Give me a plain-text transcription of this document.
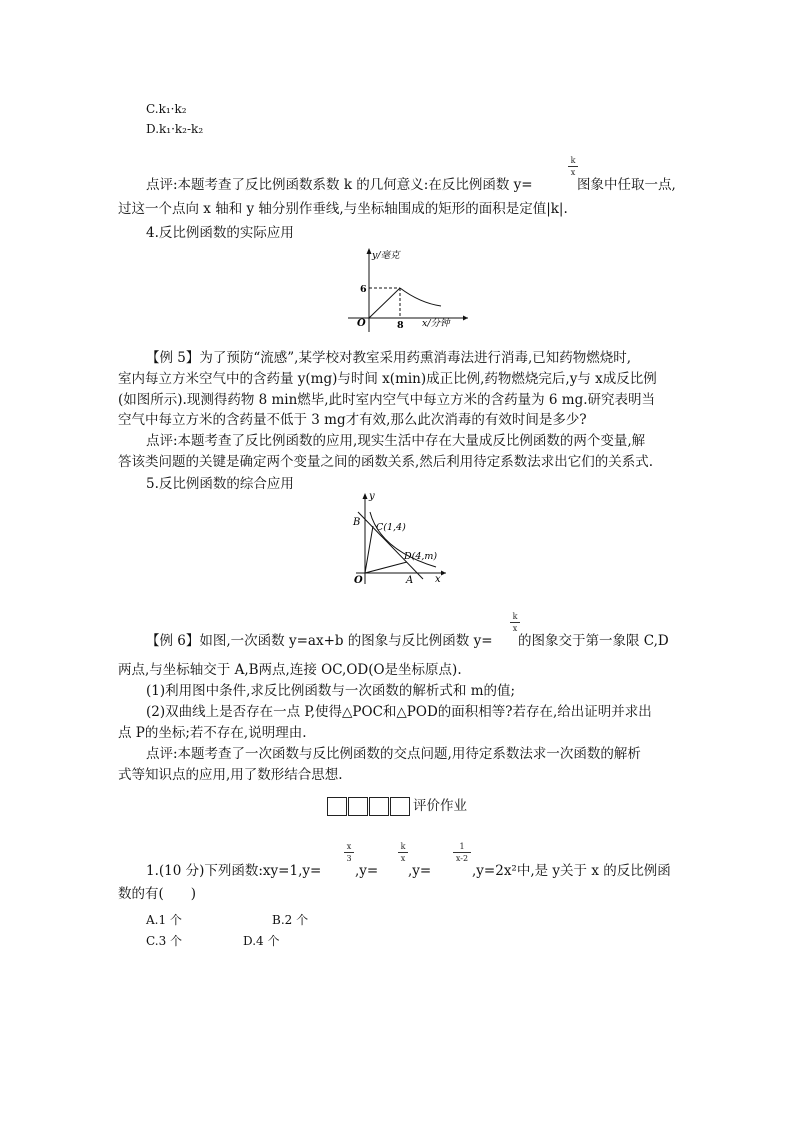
C.k₁·k₂
D.k₁·k₂-k₂
点评:本题考查了反比例函数系数 k 的几何意义:在反比例函数 y=
k
x
图象中任取一点,
过这一个点向 x 轴和 y 轴分别作垂线,与坐标轴围成的矩形的面积是定值|k|.
4.反比例函数的实际应用
y/毫克
x/分钟
O
6
8
【例 5】为了预防“流感”,某学校对教室采用药熏消毒法进行消毒,已知药物燃烧时,
室内每立方米空气中的含药量 y(mg)与时间 x(min)成正比例,药物燃烧完后,y与 x成反比例
(如图所示).现测得药物 8 min燃毕,此时室内空气中每立方米的含药量为 6 mg.研究表明当
空气中每立方米的含药量不低于 3 mg才有效,那么此次消毒的有效时间是多少?
点评:本题考查了反比例函数的应用,现实生活中存在大量成反比例函数的两个变量,解
答该类问题的关键是确定两个变量之间的函数关系,然后利用待定系数法求出它们的关系式.
5.反比例函数的综合应用
y
x
O
C(1,4)
D(4,m)
A
B
【例 6】如图,一次函数 y=ax+b 的图象与反比例函数 y=
k
x
的图象交于第一象限 C,D
两点,与坐标轴交于 A,B两点,连接 OC,OD(O是坐标原点).
(1)利用图中条件,求反比例函数与一次函数的解析式和 m的值;
(2)双曲线上是否存在一点 P,使得△POC和△POD的面积相等?若存在,给出证明并求出
点 P的坐标;若不存在,说明理由.
点评:本题考查了一次函数与反比例函数的交点问题,用待定系数法求一次函数的解析
式等知识点的应用,用了数形结合思想.
评价作业
1.(10 分)下列函数:xy=1,y=
x
3
,y=
k
x
,y=
1
x-2
,y=2x²中,是 y关于 x 的反比例函
数的有(　　)
A.1 个	B.2 个
C.3 个	D.4 个
